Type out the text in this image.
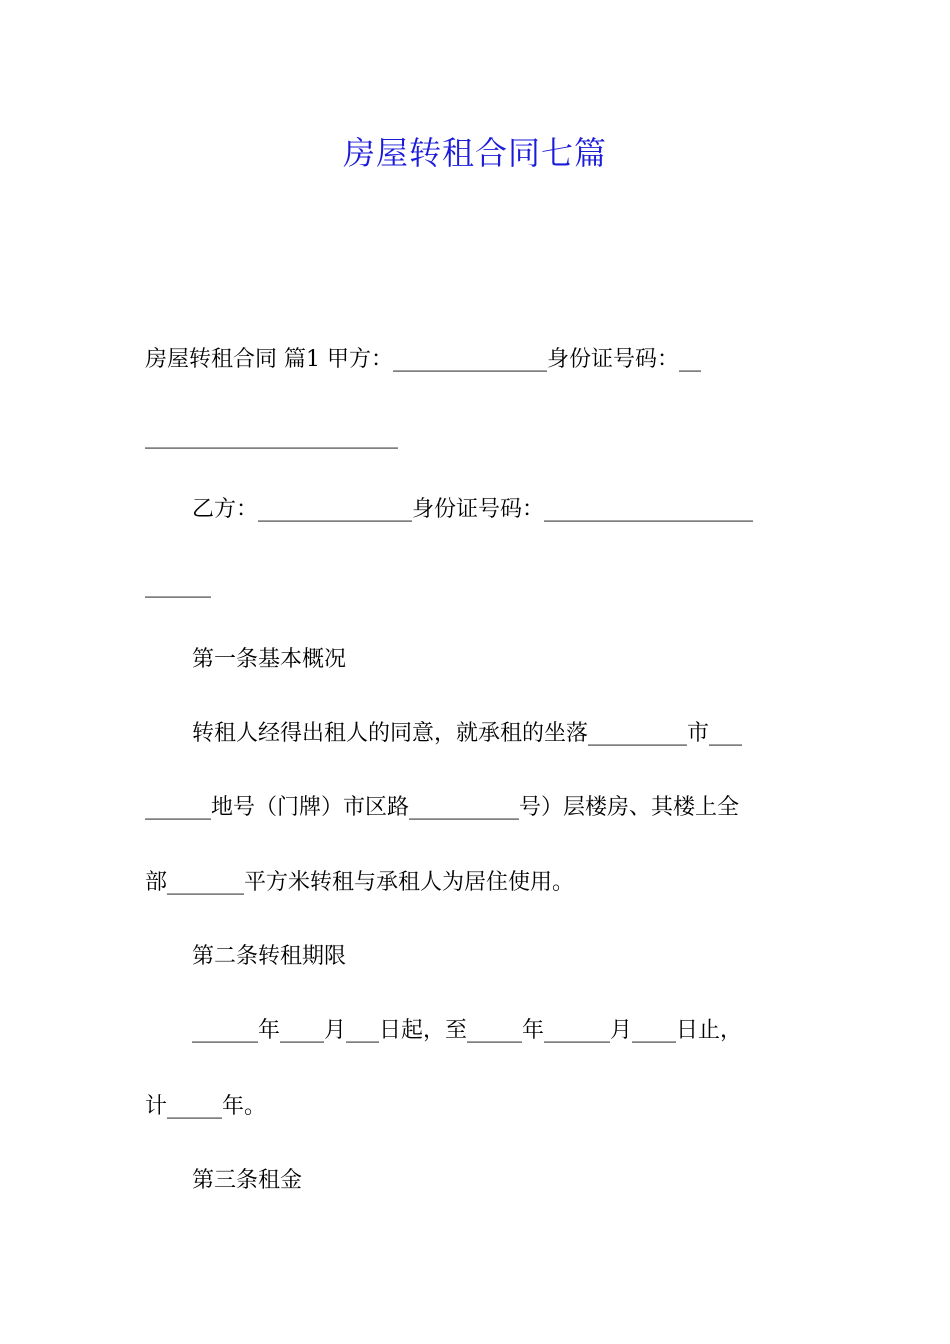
房屋转租合同七篇
房屋转租合同 篇1 甲方：______________身份证号码：__
_______________________
乙方：______________身份证号码：___________________
______
第一条基本概况
转租人经得出租人的同意，就承租的坐落_________市___
______地号（门牌）市区路__________号）层楼房、其楼上全
部_______平方米转租与承租人为居住使用。
第二条转租期限
______年____月___日起，至_____年______月____日止，
计_____年。
第三条租金
